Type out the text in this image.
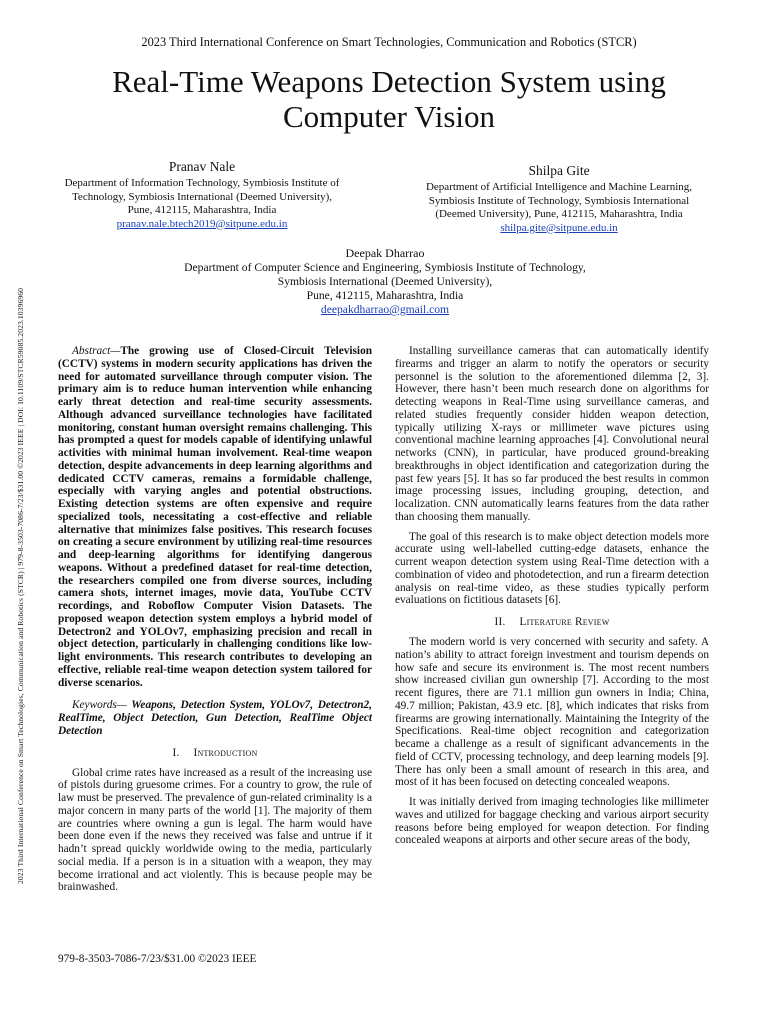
2023 Third International Conference on Smart Technologies, Communication and Robotics (STCR) | 979-8-3503-7086-7/23/$31.00 ©2023 IEEE | DOI: 10.1109/STCR59085.2023.10396960
2023 Third International Conference on Smart Technologies, Communication and Robotics (STCR)
Real-Time Weapons Detection System using
Computer Vision
Pranav Nale
Department of Information Technology, Symbiosis Institute of
Technology, Symbiosis International (Deemed University),
Pune, 412115, Maharashtra, India
pranav.nale.btech2019@sitpune.edu.in
Shilpa Gite
Department of Artificial Intelligence and Machine Learning,
Symbiosis Institute of Technology, Symbiosis International
(Deemed University), Pune, 412115, Maharashtra, India
shilpa.gite@sitpune.edu.in
Deepak Dharrao
Department of Computer Science and Engineering, Symbiosis Institute of Technology,
Symbiosis International (Deemed University),
Pune, 412115, Maharashtra, India
deepakdharrao@gmail.com

Abstract—The growing use of Closed-Circuit Television (CCTV) systems in modern security applications has driven the need for automated surveillance through computer vision. The primary aim is to reduce human intervention while enhancing early threat detection and real-time security assessments. Although advanced surveillance technologies have facilitated monitoring, constant human oversight remains challenging. This has prompted a quest for models capable of identifying unlawful activities with minimal human involvement. Real-time weapon detection, despite advancements in deep learning algorithms and dedicated CCTV cameras, remains a formidable challenge, especially with varying angles and potential obstructions. Existing detection systems are often expensive and require specialized tools, necessitating a cost-effective and reliable alternative that minimizes false positives. This research focuses on creating a secure environment by utilizing real-time resources and deep-learning algorithms for identifying dangerous weapons. Without a predefined dataset for real-time detection, the researchers compiled one from diverse sources, including camera shots, internet images, movie data, YouTube CCTV recordings, and Roboflow Computer Vision Datasets. The proposed weapon detection system employs a hybrid model of Detectron2 and YOLOv7, emphasizing precision and recall in object detection, particularly in challenging conditions like low-light environments. This research contributes to developing an effective, reliable real-time weapon detection system tailored for diverse scenarios.

Keywords— Weapons, Detection System, YOLOv7, Detectron2, RealTime, Object Detection, Gun Detection, RealTime Object Detection

I. Introduction

Global crime rates have increased as a result of the increasing use of pistols during gruesome crimes. For a country to grow, the rule of law must be preserved. The prevalence of gun-related criminality is a major concern in many parts of the world [1]. The majority of them are countries where owning a gun is legal. The harm would have been done even if the news they received was false and untrue if it hadn’t spread quickly worldwide owing to the media, particularly social media. If a person is in a situation with a weapon, they may become irrational and act violently. This is because people may be brainwashed.

Installing surveillance cameras that can automatically identify firearms and trigger an alarm to notify the operators or security personnel is the solution to the aforementioned dilemma [2, 3]. However, there hasn’t been much research done on algorithms for detecting weapons in Real-Time using surveillance cameras, and related studies frequently consider hidden weapon detection, typically utilizing X-rays or millimeter wave pictures using conventional machine learning approaches [4]. Convolutional neural networks (CNN), in particular, have produced ground-breaking breakthroughs in object identification and categorization during the past few years [5]. It has so far produced the best results in common image processing issues, including grouping, detection, and localization. CNN automatically learns features from the data rather than choosing them manually.

The goal of this research is to make object detection models more accurate using well-labelled cutting-edge datasets, enhance the current weapon detection system using Real-Time detection with a combination of video and photodetection, and run a firearm detection analysis on real-time video, as these studies typically perform evaluations on fictitious datasets [6].

II. Literature Review

The modern world is very concerned with security and safety. A nation’s ability to attract foreign investment and tourism depends on how safe and secure its environment is. The most recent numbers show increased civilian gun ownership [7]. According to the most recent figures, there are 71.1 million gun owners in India; China, 49.7 million; Pakistan, 43.9 etc. [8], which indicates that risks from firearms are growing internationally. Maintaining the Integrity of the Specifications. Real-time object recognition and categorization became a challenge as a result of significant advancements in the field of CCTV, processing technology, and deep learning models [9]. There has only been a small amount of research in this area, and most of it has been focused on detecting concealed weapons.

It was initially derived from imaging technologies like millimeter waves and utilized for baggage checking and various airport security reasons before being employed for weapon detection. For finding concealed weapons at airports and other secure areas of the body,

979-8-3503-7086-7/23/$31.00 ©2023 IEEE
